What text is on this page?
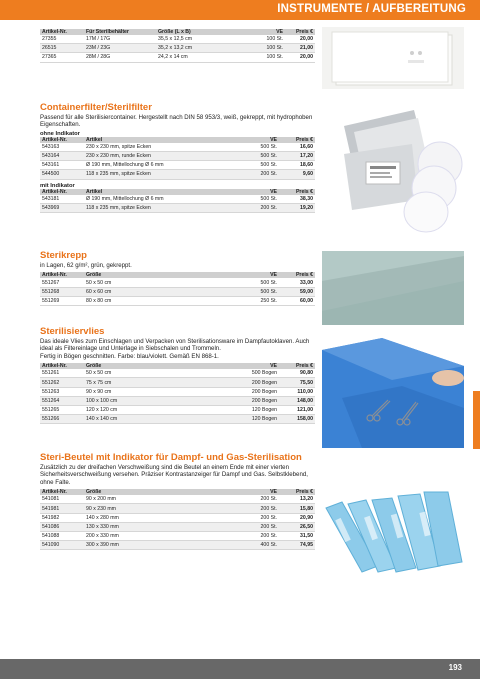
INSTRUMENTE / AUFBEREITUNG
Artikel-Nr.	Für Sterilbehälter	Größe (L x B)	VE	Preis €
27355	17M / 17G	35,5 x 12,5 cm	100 St.	20,00
26515	23M / 23G	35,2 x 13,2 cm	100 St.	21,00
27365	28M / 28G	24,2 x 14 cm	100 St.	20,00
Containerfilter/Sterilfilter
Passend für alle Sterilisiercontainer. Hergestellt nach DIN 58 953/3, weiß, gekreppt, mit hydrophoben Eigenschaften.
ohne Indikator
Artikel-Nr.	Artikel	VE	Preis €
543163	230 x 230 mm, spitze Ecken	500 St.	16,60
543164	230 x 230 mm, runde Ecken	500 St.	17,20
543161	Ø 190 mm, Mittellochung Ø 6 mm	500 St.	18,60
544500	118 x 235 mm, spitze Ecken	200 St.	9,60
mit Indikator
Artikel-Nr.	Artikel	VE	Preis €
543181	Ø 190 mm, Mittellochung Ø 6 mm	500 St.	38,30
543969	118 x 235 mm, spitze Ecken	200 St.	19,20
Sterikrepp
in Lagen, 62 g/m², grün, gekreppt.
Artikel-Nr.	Größe	VE	Preis €
551267	50 x 50 cm	500 St.	33,00
551268	60 x 60 cm	500 St.	59,00
551269	80 x 80 cm	250 St.	60,00
Sterilisiervlies
Das ideale Vlies zum Einschlagen und Verpacken von Sterilisationsware im Dampfautoklaven. Auch ideal als Filtereinlage und Unterlage in Siebschalen und Trommeln.
Fertig in Bögen geschnitten. Farbe: blau/violett. Gemäß EN 868-1.
Artikel-Nr.	Größe	VE	Preis €
551261	50 x 50 cm	500 Bogen	90,80
551262	75 x 75 cm	200 Bogen	75,50
551263	90 x 90 cm	200 Bogen	110,00
551264	100 x 100 cm	200 Bogen	148,00
551265	120 x 120 cm	120 Bogen	121,00
551266	140 x 140 cm	120 Bogen	158,00
Steri-Beutel mit Indikator für Dampf- und Gas-Sterilisation
Zusätzlich zu der dreifachen Verschweißung sind die Beutel an einem Ende mit einer vierten Sicherheitsverschweißung versehen. Präziser Kontrastanzeiger für Dampf und Gas. Selbstklebend, ohne Falte.
Artikel-Nr.	Größe	VE	Preis €
541081	90 x 200 mm	200 St.	13,20
541981	90 x 230 mm	200 St.	15,80
541982	140 x 280 mm	200 St.	20,90
541086	130 x 330 mm	200 St.	26,50
541088	200 x 330 mm	200 St.	31,50
541090	300 x 390 mm	400 St.	74,95
193
